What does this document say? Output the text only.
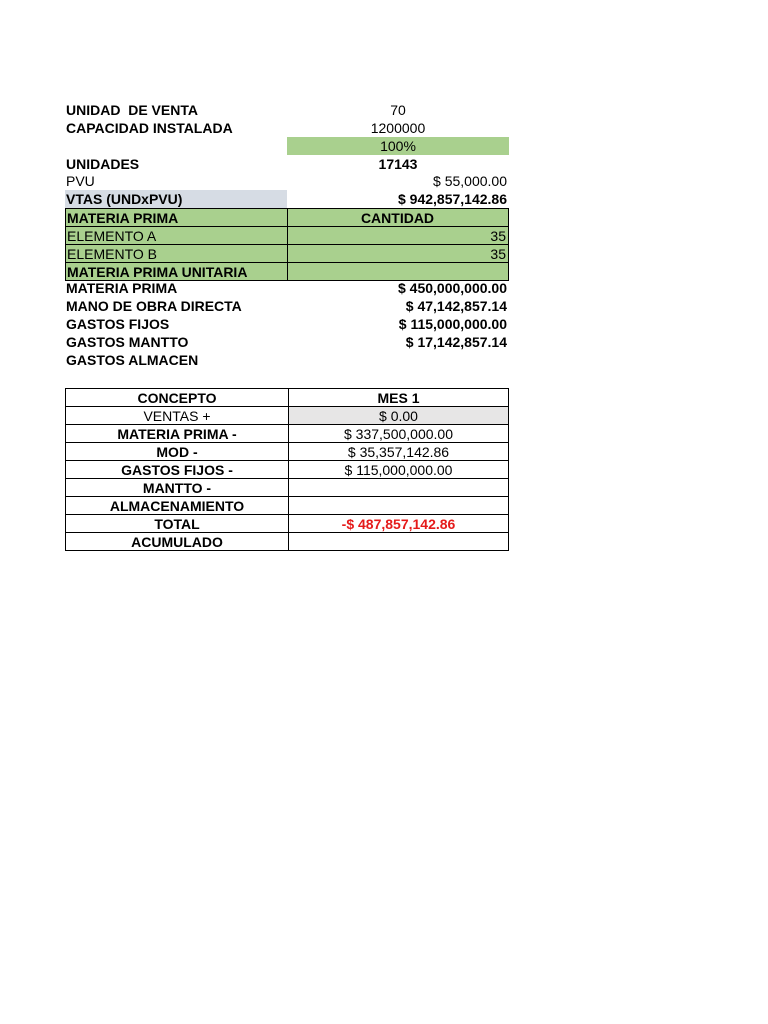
UNIDAD  DE VENTA	70
CAPACIDAD INSTALADA	1200000
100%
UNIDADES	17143
PVU	$ 55,000.00
VTAS (UNDxPVU)	$ 942,857,142.86
MATERIA PRIMA	CANTIDAD
ELEMENTO A	35
ELEMENTO B	35
MATERIA PRIMA UNITARIA	
MATERIA PRIMA	$ 450,000,000.00
MANO DE OBRA DIRECTA	$ 47,142,857.14
GASTOS FIJOS	$ 115,000,000.00
GASTOS MANTTO	$ 17,142,857.14
GASTOS ALMACEN
CONCEPTO	MES 1
VENTAS +	$ 0.00
MATERIA PRIMA -	$ 337,500,000.00
MOD -	$ 35,357,142.86
GASTOS FIJOS -	$ 115,000,000.00
MANTTO -	
ALMACENAMIENTO	
TOTAL	-$ 487,857,142.86
ACUMULADO	
